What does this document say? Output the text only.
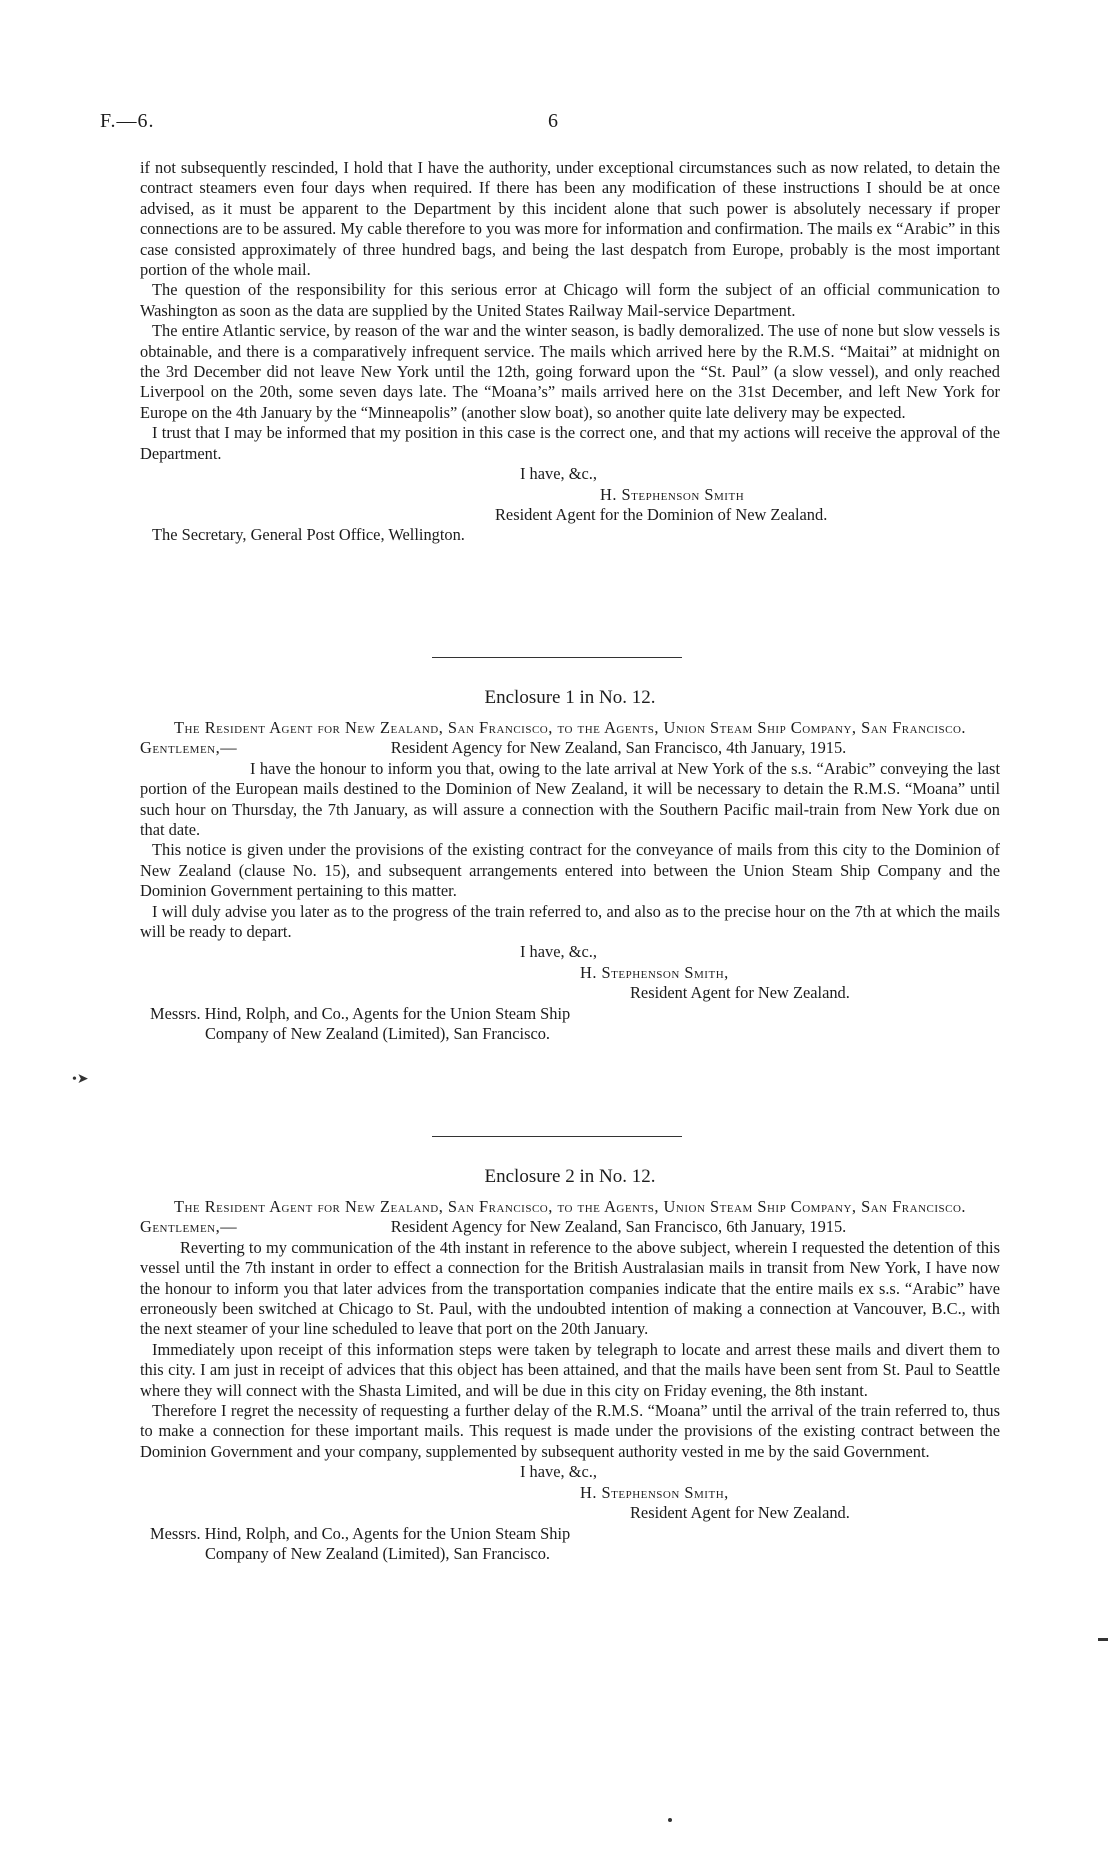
F.—6.	6

if not subsequently rescinded, I hold that I have the authority, under exceptional circumstances such as now related, to detain the contract steamers even four days when required. If there has been any modification of these instructions I should be at once advised, as it must be apparent to the Department by this incident alone that such power is absolutely necessary if proper connections are to be assured. My cable therefore to you was more for information and confirmation. The mails ex “Arabic” in this case consisted approximately of three hundred bags, and being the last despatch from Europe, probably is the most important portion of the whole mail.

The question of the responsibility for this serious error at Chicago will form the subject of an official communication to Washington as soon as the data are supplied by the United States Railway Mail-service Department.

The entire Atlantic service, by reason of the war and the winter season, is badly demoralized. The use of none but slow vessels is obtainable, and there is a comparatively infrequent service. The mails which arrived here by the R.M.S. “Maitai” at midnight on the 3rd December did not leave New York until the 12th, going forward upon the “St. Paul” (a slow vessel), and only reached Liverpool on the 20th, some seven days late. The “Moana’s” mails arrived here on the 31st December, and left New York for Europe on the 4th January by the “Minneapolis” (another slow boat), so another quite late delivery may be expected.

I trust that I may be informed that my position in this case is the correct one, and that my actions will receive the approval of the Department.

I have, &c.,

H. Stephenson Smith

Resident Agent for the Dominion of New Zealand.

The Secretary, General Post Office, Wellington.

Enclosure 1 in No. 12.

The Resident Agent for New Zealand, San Francisco, to the Agents, Union Steam Ship Company, San Francisco.

Gentlemen,—	Resident Agency for New Zealand, San Francisco, 4th January, 1915.

I have the honour to inform you that, owing to the late arrival at New York of the s.s. “Arabic” conveying the last portion of the European mails destined to the Dominion of New Zealand, it will be necessary to detain the R.M.S. “Moana” until such hour on Thursday, the 7th January, as will assure a connection with the Southern Pacific mail-train from New York due on that date.

This notice is given under the provisions of the existing contract for the conveyance of mails from this city to the Dominion of New Zealand (clause No. 15), and subsequent arrangements entered into between the Union Steam Ship Company and the Dominion Government pertaining to this matter.

I will duly advise you later as to the progress of the train referred to, and also as to the precise hour on the 7th at which the mails will be ready to depart.

I have, &c.,

H. Stephenson Smith,

Resident Agent for New Zealand.

Messrs. Hind, Rolph, and Co., Agents for the Union Steam Ship

Company of New Zealand (Limited), San Francisco.

•➤

Enclosure 2 in No. 12.

The Resident Agent for New Zealand, San Francisco, to the Agents, Union Steam Ship Company, San Francisco.

Gentlemen,—	Resident Agency for New Zealand, San Francisco, 6th January, 1915.

Reverting to my communication of the 4th instant in reference to the above subject, wherein I requested the detention of this vessel until the 7th instant in order to effect a connection for the British Australasian mails in transit from New York, I have now the honour to inform you that later advices from the transportation companies indicate that the entire mails ex s.s. “Arabic” have erroneously been switched at Chicago to St. Paul, with the undoubted intention of making a connection at Vancouver, B.C., with the next steamer of your line scheduled to leave that port on the 20th January.

Immediately upon receipt of this information steps were taken by telegraph to locate and arrest these mails and divert them to this city. I am just in receipt of advices that this object has been attained, and that the mails have been sent from St. Paul to Seattle where they will connect with the Shasta Limited, and will be due in this city on Friday evening, the 8th instant.

Therefore I regret the necessity of requesting a further delay of the R.M.S. “Moana” until the arrival of the train referred to, thus to make a connection for these important mails. This request is made under the provisions of the existing contract between the Dominion Government and your company, supplemented by subsequent authority vested in me by the said Government.

I have, &c.,

H. Stephenson Smith,

Resident Agent for New Zealand.

Messrs. Hind, Rolph, and Co., Agents for the Union Steam Ship

Company of New Zealand (Limited), San Francisco.
